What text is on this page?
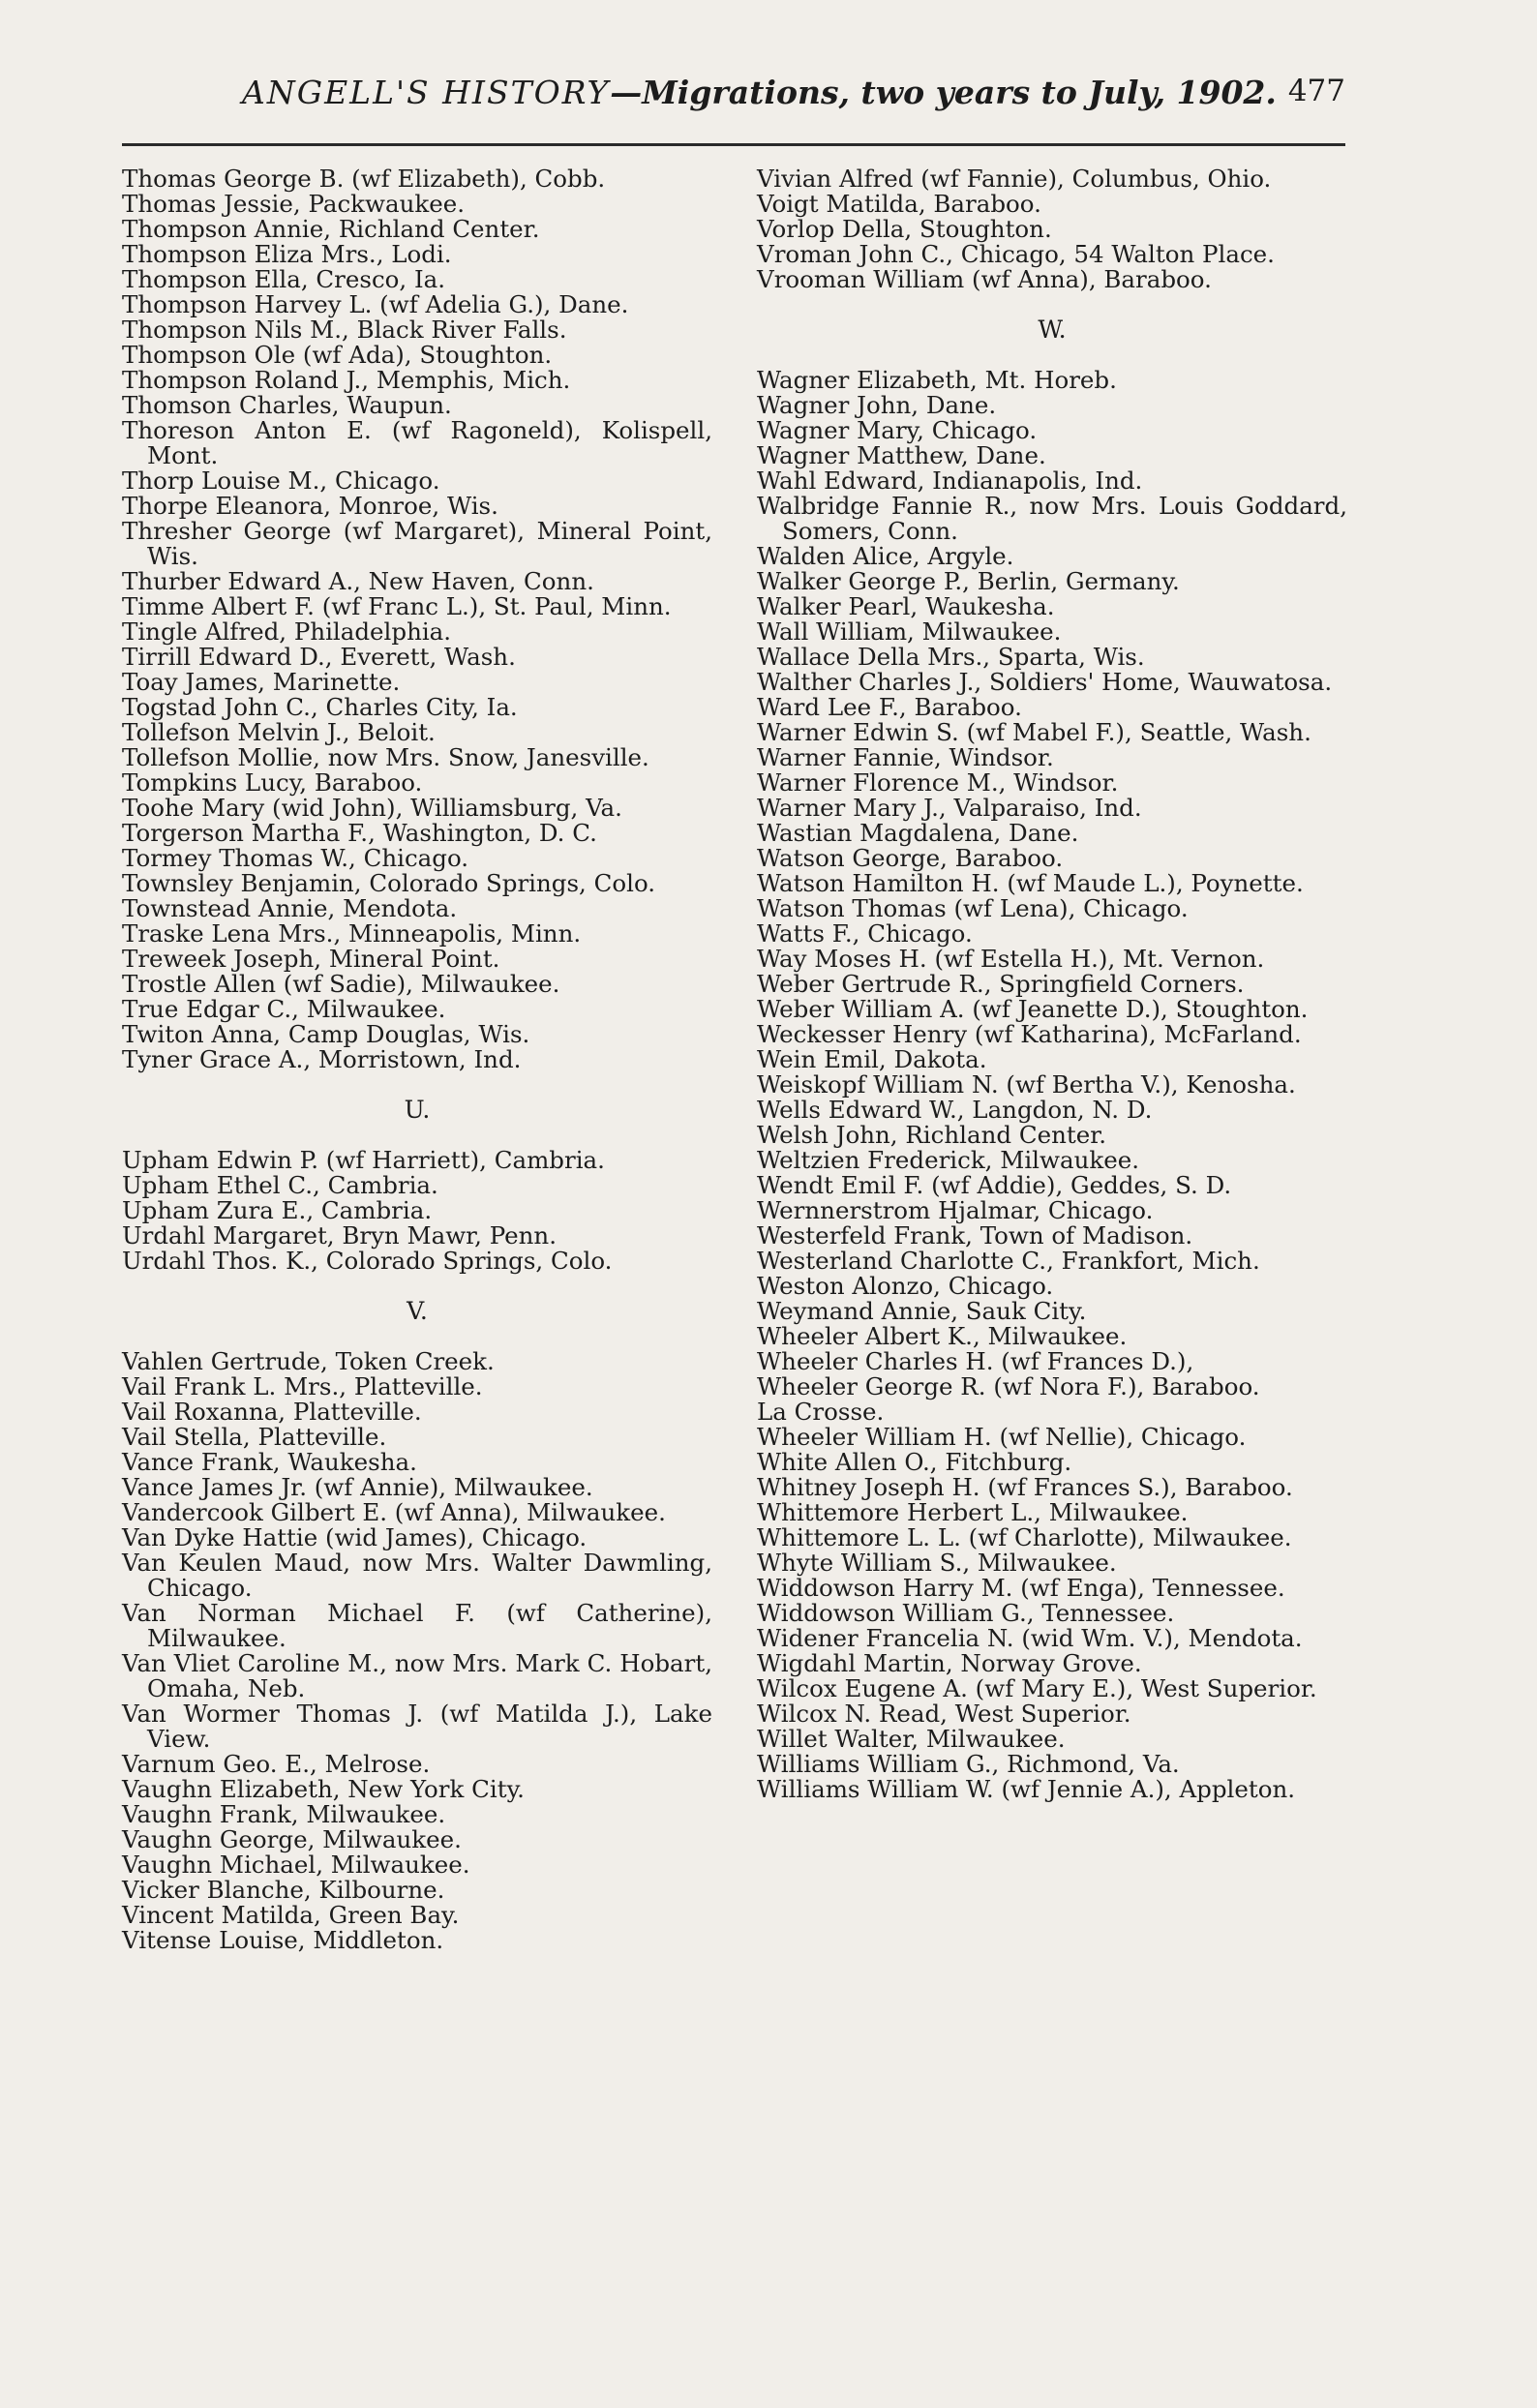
ANGELL'S HISTORY—Migrations, two years to July, 1902. 477
Thomas George B. (wf Elizabeth), Cobb.
Thomas Jessie, Packwaukee.
Thompson Annie, Richland Center.
Thompson Eliza Mrs., Lodi.
Thompson Ella, Cresco, Ia.
Thompson Harvey L. (wf Adelia G.), Dane.
Thompson Nils M., Black River Falls.
Thompson Ole (wf Ada), Stoughton.
Thompson Roland J., Memphis, Mich.
Thomson Charles, Waupun.
Thoreson Anton E. (wf Ragoneld), Kolispell, Mont.
Thorp Louise M., Chicago.
Thorpe Eleanora, Monroe, Wis.
Thresher George (wf Margaret), Mineral Point, Wis.
Thurber Edward A., New Haven, Conn.
Timme Albert F. (wf Franc L.), St. Paul, Minn.
Tingle Alfred, Philadelphia.
Tirrill Edward D., Everett, Wash.
Toay James, Marinette.
Togstad John C., Charles City, Ia.
Tollefson Melvin J., Beloit.
Tollefson Mollie, now Mrs. Snow, Janesville.
Tompkins Lucy, Baraboo.
Toohe Mary (wid John), Williamsburg, Va.
Torgerson Martha F., Washington, D. C.
Tormey Thomas W., Chicago.
Townsley Benjamin, Colorado Springs, Colo.
Townstead Annie, Mendota.
Traske Lena Mrs., Minneapolis, Minn.
Treweek Joseph, Mineral Point.
Trostle Allen (wf Sadie), Milwaukee.
True Edgar C., Milwaukee.
Twiton Anna, Camp Douglas, Wis.
Tyner Grace A., Morristown, Ind.
U.
Upham Edwin P. (wf Harriett), Cambria.
Upham Ethel C., Cambria.
Upham Zura E., Cambria.
Urdahl Margaret, Bryn Mawr, Penn.
Urdahl Thos. K., Colorado Springs, Colo.
V.
Vahlen Gertrude, Token Creek.
Vail Frank L. Mrs., Platteville.
Vail Roxanna, Platteville.
Vail Stella, Platteville.
Vance Frank, Waukesha.
Vance James Jr. (wf Annie), Milwaukee.
Vandercook Gilbert E. (wf Anna), Milwaukee.
Van Dyke Hattie (wid James), Chicago.
Van Keulen Maud, now Mrs. Walter Dawmling, Chicago.
Van Norman Michael F. (wf Catherine), Milwaukee.
Van Vliet Caroline M., now Mrs. Mark C. Hobart, Omaha, Neb.
Van Wormer Thomas J. (wf Matilda J.), Lake View.
Varnum Geo. E., Melrose.
Vaughn Elizabeth, New York City.
Vaughn Frank, Milwaukee.
Vaughn George, Milwaukee.
Vaughn Michael, Milwaukee.
Vicker Blanche, Kilbourne.
Vincent Matilda, Green Bay.
Vitense Louise, Middleton.
Vivian Alfred (wf Fannie), Columbus, Ohio.
Voigt Matilda, Baraboo.
Vorlop Della, Stoughton.
Vroman John C., Chicago, 54 Walton Place.
Vrooman William (wf Anna), Baraboo.
W.
Wagner Elizabeth, Mt. Horeb.
Wagner John, Dane.
Wagner Mary, Chicago.
Wagner Matthew, Dane.
Wahl Edward, Indianapolis, Ind.
Walbridge Fannie R., now Mrs. Louis Goddard, Somers, Conn.
Walden Alice, Argyle.
Walker George P., Berlin, Germany.
Walker Pearl, Waukesha.
Wall William, Milwaukee.
Wallace Della Mrs., Sparta, Wis.
Walther Charles J., Soldiers' Home, Wauwatosa.
Ward Lee F., Baraboo.
Warner Edwin S. (wf Mabel F.), Seattle, Wash.
Warner Fannie, Windsor.
Warner Florence M., Windsor.
Warner Mary J., Valparaiso, Ind.
Wastian Magdalena, Dane.
Watson George, Baraboo.
Watson Hamilton H. (wf Maude L.), Poynette.
Watson Thomas (wf Lena), Chicago.
Watts F., Chicago.
Way Moses H. (wf Estella H.), Mt. Vernon.
Weber Gertrude R., Springfield Corners.
Weber William A. (wf Jeanette D.), Stoughton.
Weckesser Henry (wf Katharina), McFarland.
Wein Emil, Dakota.
Weiskopf William N. (wf Bertha V.), Kenosha.
Wells Edward W., Langdon, N. D.
Welsh John, Richland Center.
Weltzien Frederick, Milwaukee.
Wendt Emil F. (wf Addie), Geddes, S. D.
Wernnerstrom Hjalmar, Chicago.
Westerfeld Frank, Town of Madison.
Westerland Charlotte C., Frankfort, Mich.
Weston Alonzo, Chicago.
Weymand Annie, Sauk City.
Wheeler Albert K., Milwaukee.
Wheeler Charles H. (wf Frances D.),
Wheeler George R. (wf Nora F.), Baraboo.
La Crosse.
Wheeler William H. (wf Nellie), Chicago.
White Allen O., Fitchburg.
Whitney Joseph H. (wf Frances S.), Baraboo.
Whittemore Herbert L., Milwaukee.
Whittemore L. L. (wf Charlotte), Milwaukee.
Whyte William S., Milwaukee.
Widdowson Harry M. (wf Enga), Tennessee.
Widdowson William G., Tennessee.
Widener Francelia N. (wid Wm. V.), Mendota.
Wigdahl Martin, Norway Grove.
Wilcox Eugene A. (wf Mary E.), West Superior.
Wilcox N. Read, West Superior.
Willet Walter, Milwaukee.
Williams William G., Richmond, Va.
Williams William W. (wf Jennie A.), Appleton.
